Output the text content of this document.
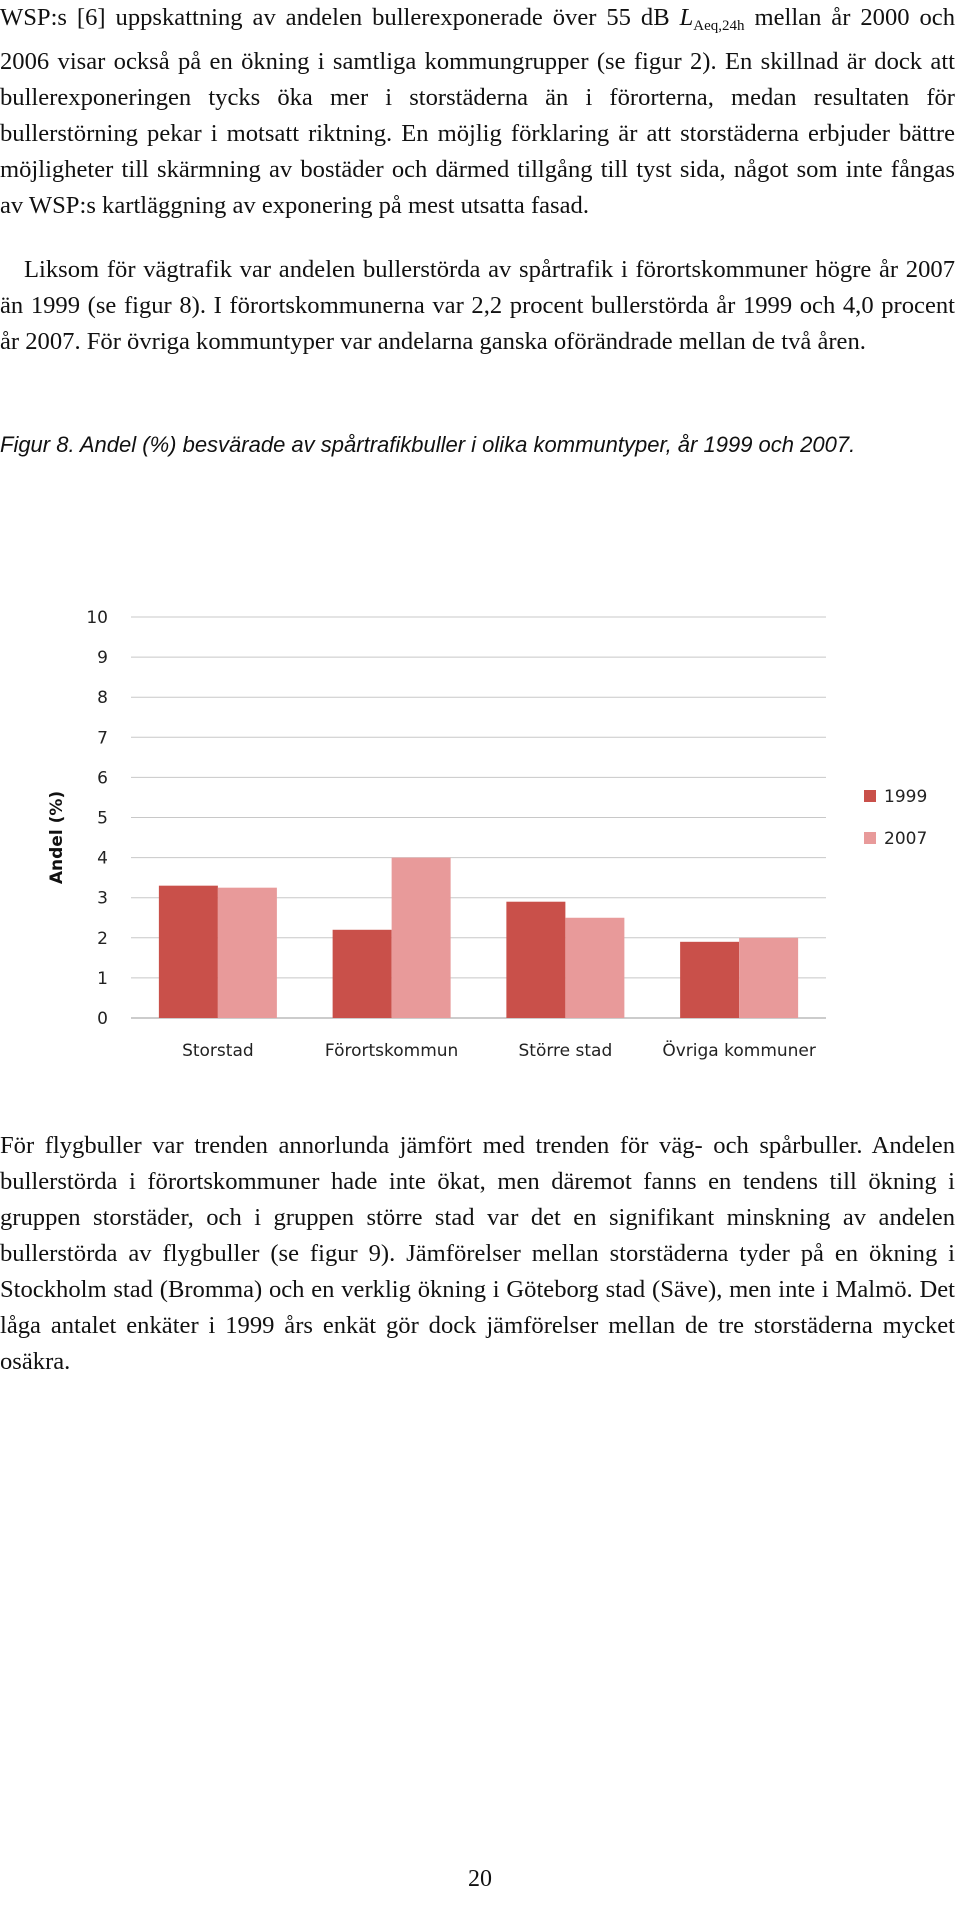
WSP:s [6] uppskattning av andelen bullerexponerade över 55 dB $L_{Aeq,24h}$ mellan år 2000 och 2006 visar också på en ökning i samtliga kommungrupper (se figur 2). En skillnad är dock att bullerexponeringen tycks öka mer i storstäderna än i förorterna, medan resultaten för bullerstörning pekar i motsatt riktning. En möjlig förklaring är att storstäderna erbjuder bättre möjligheter till skärmning av bostäder och därmed tillgång till tyst sida, något som inte fångas av WSP:s kartläggning av exponering på mest utsatta fasad.

Liksom för vägtrafik var andelen bullerstörda av spårtrafik i förortskommuner högre år 2007 än 1999 (se figur 8). I förortskommunerna var 2,2 procent bullerstörda år 1999 och 4,0 procent år 2007. För övriga kommuntyper var andelarna ganska oförändrade mellan de två åren.

Figur 8. Andel (%) besvärade av spårtrafikbuller i olika kommuntyper, år 1999 och 2007.

0
1
2
3
4
5
6
7
8
9
10
Storstad	Förortskommun	Större stad	Övriga kommuner
Andel (%)	1999
2007

För flygbuller var trenden annorlunda jämfört med trenden för väg- och spårbuller. Andelen bullerstörda i förortskommuner hade inte ökat, men däremot fanns en tendens till ökning i gruppen storstäder, och i gruppen större stad var det en signifikant minskning av andelen bullerstörda av flygbuller (se figur 9). Jämförelser mellan storstäderna tyder på en ökning i Stockholm stad (Bromma) och en verklig ökning i Göteborg stad (Säve), men inte i Malmö. Det låga antalet enkäter i 1999 års enkät gör dock jämförelser mellan de tre storstäderna mycket osäkra.

20
